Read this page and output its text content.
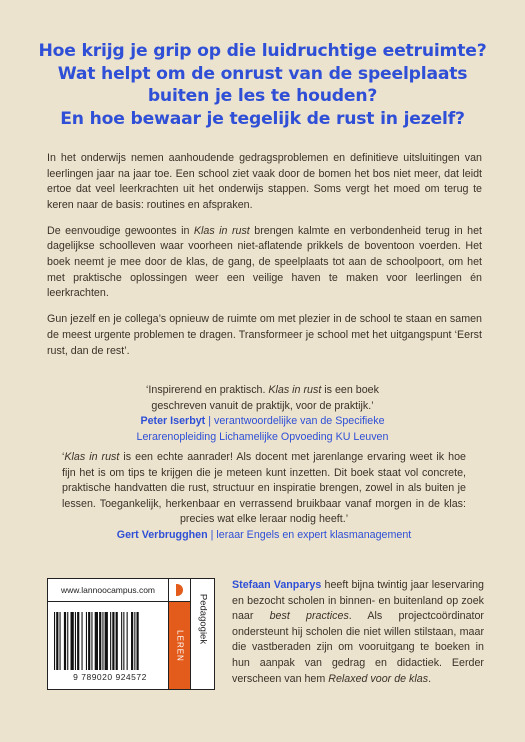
Hoe krijg je grip op die luidruchtige eetruimte?
Wat helpt om de onrust van de speelplaats
buiten je les te houden?
En hoe bewaar je tegelijk de rust in jezelf?

In het onderwijs nemen aanhoudende gedragsproblemen en definitieve uitsluitingen van leerlingen jaar na jaar toe. Een school ziet vaak door de bomen het bos niet meer, dat leidt ertoe dat veel leerkrachten uit het onderwijs stappen. Soms vergt het moed om terug te keren naar de basis: routines en afspraken.

De eenvoudige gewoontes in Klas in rust brengen kalmte en verbondenheid terug in het dagelijkse schoolleven waar voorheen niet-aflatende prikkels de boventoon voerden. Het boek neemt je mee door de klas, de gang, de speelplaats tot aan de schoolpoort, om het met praktische oplossingen weer een veilige haven te maken voor leerlingen én leerkrachten.

Gun jezelf en je collega’s opnieuw de ruimte om met plezier in de school te staan en samen de meest urgente problemen te dragen. Transformeer je school met het uitgangspunt ‘Eerst rust, dan de rest’.

‘Inspirerend en praktisch. Klas in rust is een boek
geschreven vanuit de praktijk, voor de praktijk.’
Peter Iserbyt | verantwoordelijke van de Specifieke
Lerarenopleiding Lichamelijke Opvoeding KU Leuven
‘Klas in rust is een echte aanrader! Als docent met jarenlange ervaring weet ik hoe fijn het is om tips te krijgen die je meteen kunt inzetten. Dit boek staat vol concrete, praktische handvatten die rust, structuur en inspiratie brengen, zowel in als buiten je lessen. Toegankelijk, herkenbaar en verrassend bruikbaar vanaf morgen in de klas: precies wat elke leraar nodig heeft.’
Gert Verbrugghen | leraar Engels en expert klasmanagement
www.lannoocampus.com
9 789020 924572
LEREN
Pedagogiek
Stefaan Vanparys heeft bijna twintig jaar leservaring en bezocht scholen in binnen- en buitenland op zoek naar best practices. Als projectcoördinator ondersteunt hij scholen die niet willen stilstaan, maar die vastberaden zijn om vooruitgang te boeken in hun aanpak van gedrag en didactiek. Eerder verscheen van hem Relaxed voor de klas.
